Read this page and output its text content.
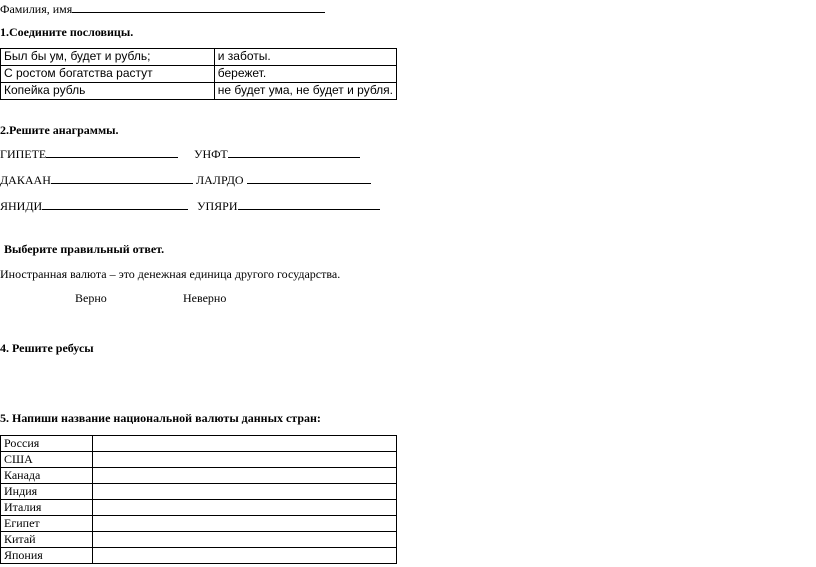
Фамилия, имя
1.Соедините пословицы.
Был бы ум, будет и рубль;	и заботы.
С ростом богатства растут	бережет.
Копейка рубль	не будет ума, не будет и рубля.
2.Решите анаграммы.
ГИПЕТЕ	УНФТ
ДАКААН	ЛАЛРДО
ЯНИДИ	УПЯРИ
Выберите правильный ответ.
Иностранная валюта – это денежная единица другого государства.
Верно	Неверно
4. Решите ребусы
5. Напиши название национальной валюты данных стран:
Россия	
США	
Канада	
Индия	
Италия	
Египет	
Китай	
Япония	
